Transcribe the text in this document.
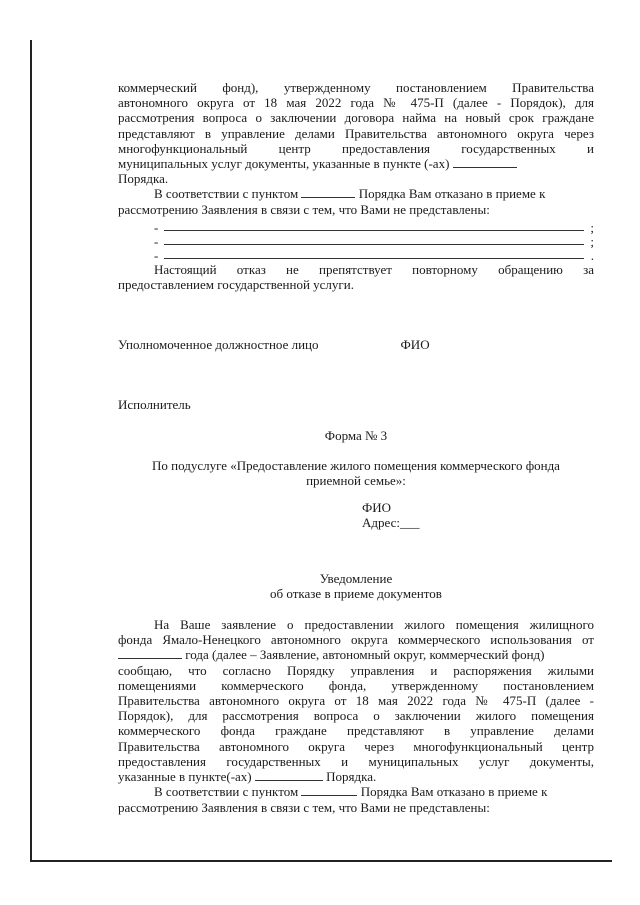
коммерческий фонд), утвержденному постановлением Правительства

автономного округа от 18 мая 2022 года № 475-П (далее - Порядок), для

рассмотрения вопроса о заключении договора найма на новый срок граждане

представляют в управление делами Правительства автономного округа через

многофункциональный центр предоставления государственных и

муниципальных услуг документы, указанные в пункте (-ах)

Порядка.

В соответствии с пунктом	Порядка Вам отказано в приеме к

рассмотрению Заявления в связи с тем, что Вами не представлены:

-	;
-	;
-	.

Настоящий отказ не препятствует повторному обращению за

предоставлением государственной услуги.

Уполномоченное должностное лицо	ФИО

Исполнитель

Форма № 3

По подуслуге «Предоставление жилого помещения коммерческого фонда

приемной семье»:

ФИО

Адрес:___

Уведомление

об отказе в приеме документов

На Ваше заявление о предоставлении жилого помещения жилищного

фонда Ямало-Ненецкого автономного округа коммерческого использования от

года (далее – Заявление, автономный округ, коммерческий фонд)

сообщаю, что согласно Порядку управления и распоряжения жилыми

помещениями коммерческого фонда, утвержденному постановлением

Правительства автономного округа от 18 мая 2022 года № 475-П (далее -

Порядок), для рассмотрения вопроса о заключении жилого помещения

коммерческого фонда граждане представляют в управление делами

Правительства автономного округа через многофункциональный центр

предоставления государственных и муниципальных услуг документы,

указанные в пункте(-ах)	Порядка.

В соответствии с пунктом	Порядка Вам отказано в приеме к

рассмотрению Заявления в связи с тем, что Вами не представлены:
